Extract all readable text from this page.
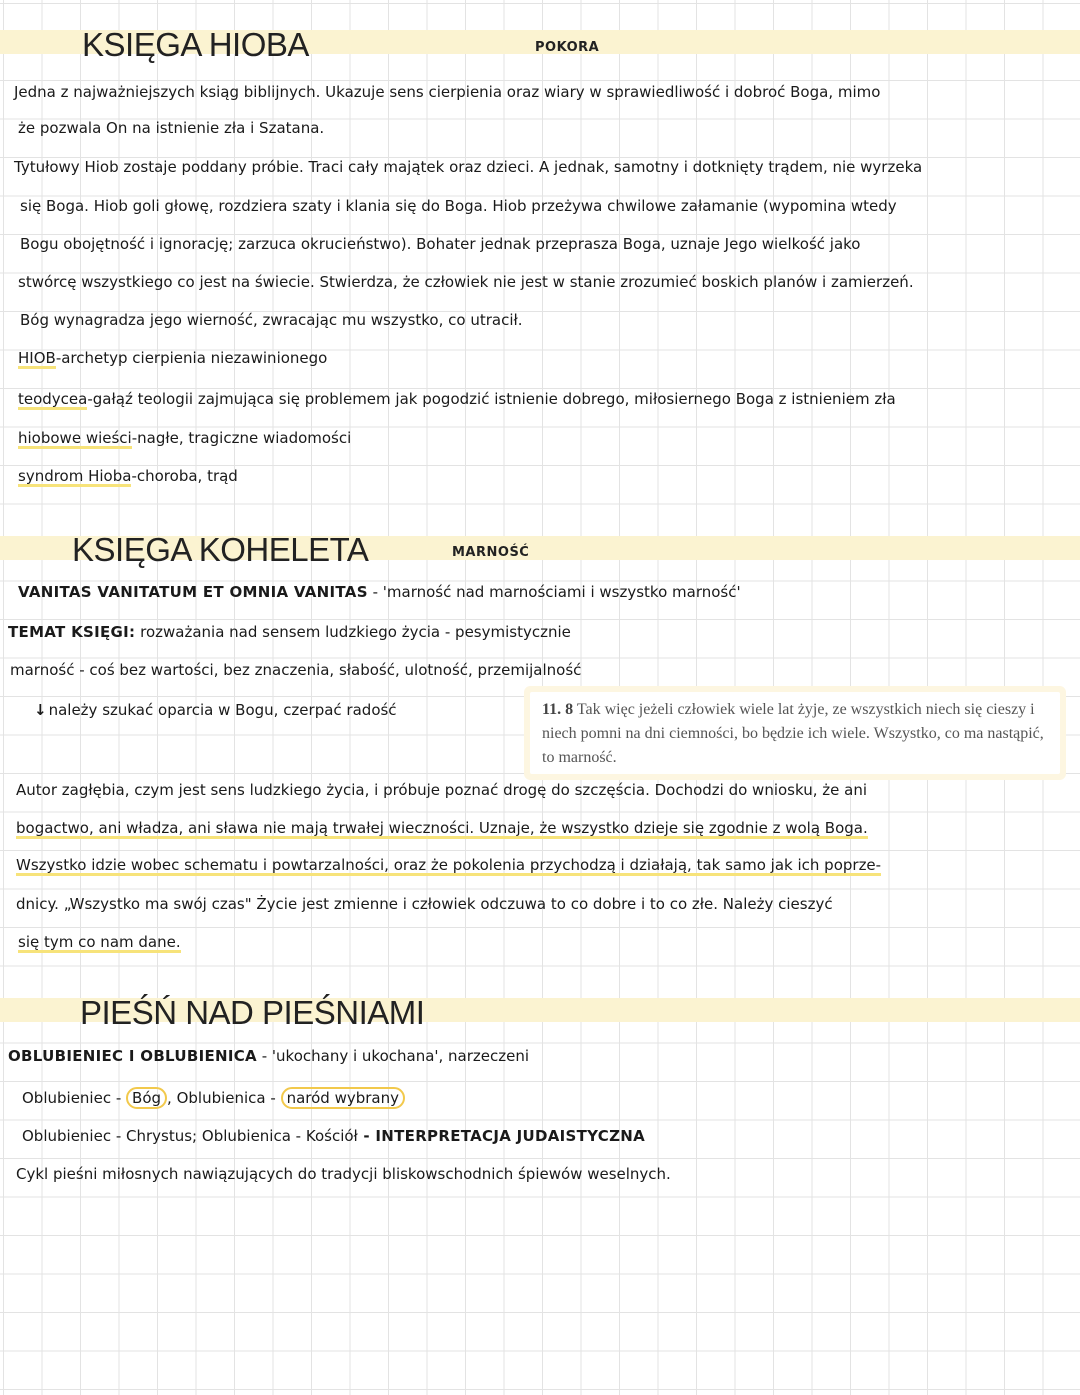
KSIĘGA HIOBA	POKORA
Jedna z najważniejszych ksiąg biblijnych. Ukazuje sens cierpienia oraz wiary w sprawiedliwość i dobroć Boga, mimo
że pozwala On na istnienie zła i Szatana.
Tytułowy Hiob zostaje poddany próbie. Traci cały majątek oraz dzieci. A jednak, samotny i dotknięty trądem, nie wyrzeka
się Boga. Hiob goli głowę, rozdziera szaty i klania się do Boga. Hiob przeżywa chwilowe załamanie (wypomina wtedy
Bogu obojętność i ignorację; zarzuca okrucieństwo). Bohater jednak przeprasza Boga, uznaje Jego wielkość jako
stwórcę wszystkiego co jest na świecie. Stwierdza, że człowiek nie jest w stanie zrozumieć boskich planów i zamierzeń.
Bóg wynagradza jego wierność, zwracając mu wszystko, co utracił.
HIOB-archetyp cierpienia niezawinionego
teodycea-gałąź teologii zajmująca się problemem jak pogodzić istnienie dobrego, miłosiernego Boga z istnieniem zła
hiobowe wieści-nagłe, tragiczne wiadomości
syndrom Hioba-choroba, trąd
KSIĘGA KOHELETA	MARNOŚĆ
VANITAS VANITATUM ET OMNIA VANITAS - 'marność nad marnościami i wszystko marność'
TEMAT KSIĘGI: rozważania nad sensem ludzkiego życia - pesymistycznie
marność - coś bez wartości, bez znaczenia, słabość, ulotność, przemijalność
↓ należy szukać oparcia w Bogu, czerpać radość	11. 8 Tak więc jeżeli człowiek wiele lat żyje, ze wszystkich niech się cieszy i niech pomni na dni ciemności, bo będzie ich wiele. Wszystko, co ma nastąpić, to marność.
Autor zagłębia, czym jest sens ludzkiego życia, i próbuje poznać drogę do szczęścia. Dochodzi do wniosku, że ani
bogactwo, ani władza, ani sława nie mają trwałej wieczności. Uznaje, że wszystko dzieje się zgodnie z wolą Boga.
Wszystko idzie wobec schematu i powtarzalności, oraz że pokolenia przychodzą i działają, tak samo jak ich poprze-
dnicy. „Wszystko ma swój czas" Życie jest zmienne i człowiek odczuwa to co dobre i to co złe. Należy cieszyć
się tym co nam dane.
PIEŚŃ NAD PIEŚNIAMI
OBLUBIENIEC I OBLUBIENICA - 'ukochany i ukochana', narzeczeni
Oblubieniec - Bóg , Oblubienica - naród wybrany
Oblubieniec - Chrystus; Oblubienica - Kościół - INTERPRETACJA JUDAISTYCZNA
Cykl pieśni miłosnych nawiązujących do tradycji bliskowschodnich śpiewów weselnych.
